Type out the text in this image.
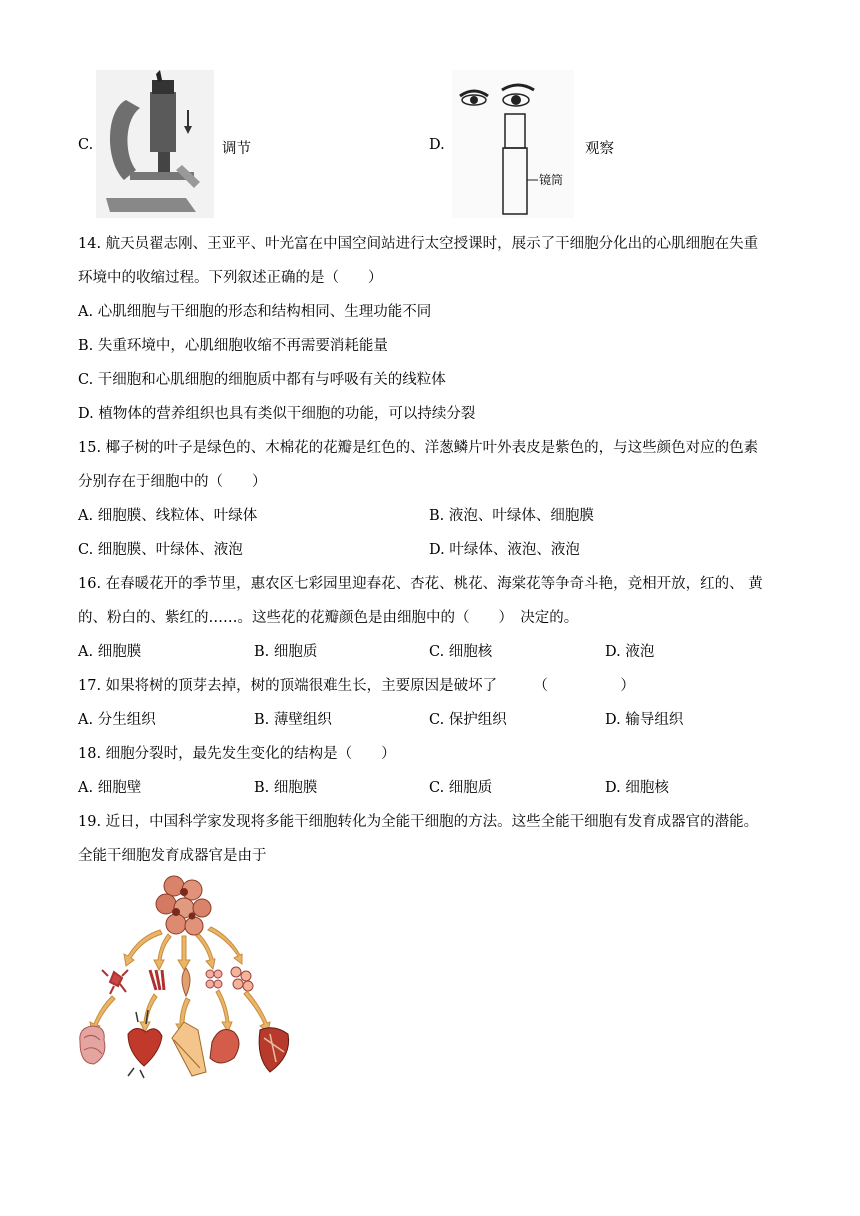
C.	调节	D.
镜筒
观察
14. 航天员翟志刚、王亚平、叶光富在中国空间站进行太空授课时，展示了干细胞分化出的心肌细胞在失重
环境中的收缩过程。下列叙述正确的是（　　）
A. 心肌细胞与干细胞的形态和结构相同、生理功能不同
B. 失重环境中，心肌细胞收缩不再需要消耗能量
C. 干细胞和心肌细胞的细胞质中都有与呼吸有关的线粒体
D. 植物体的营养组织也具有类似干细胞的功能，可以持续分裂
15. 椰子树的叶子是绿色的、木棉花的花瓣是红色的、洋葱鳞片叶外表皮是紫色的，与这些颜色对应的色素
分别存在于细胞中的（　　）
A. 细胞膜、线粒体、叶绿体	B. 液泡、叶绿体、细胞膜
C. 细胞膜、叶绿体、液泡	D. 叶绿体、液泡、液泡
16. 在春暖花开的季节里，惠农区七彩园里迎春花、杏花、桃花、海棠花等争奇斗艳，竞相开放，红的、 黄
的、粉白的、紫红的……。这些花的花瓣颜色是由细胞中的（　　）　决定的。
A. 细胞膜	B. 细胞质	C. 细胞核	D. 液泡
17. 如果将树的顶芽去掉，树的顶端很难生长，主要原因是破坏了　　　（　　　　　）
A. 分生组织	B. 薄壁组织	C. 保护组织	D. 输导组织
18. 细胞分裂时，最先发生变化的结构是（　　）
A. 细胞壁	B. 细胞膜	C. 细胞质	D. 细胞核
19. 近日，中国科学家发现将多能干细胞转化为全能干细胞的方法。这些全能干细胞有发育成器官的潜能。
全能干细胞发育成器官是由于
